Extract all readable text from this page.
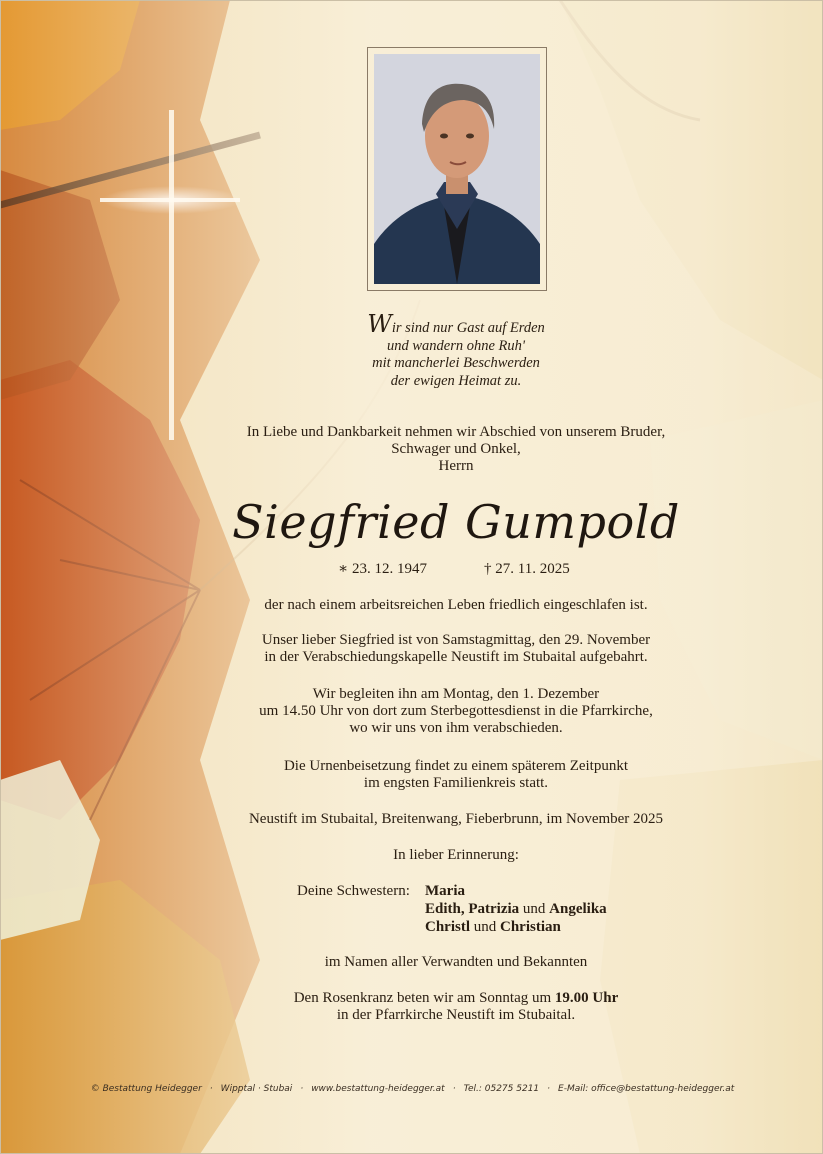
Wir sind nur Gast auf Erden
und wandern ohne Ruh'
mit mancherlei Beschwerden
der ewigen Heimat zu.
In Liebe und Dankbarkeit nehmen wir Abschied von unserem Bruder,
Schwager und Onkel,
Herrn
Siegfried Gumpold
∗ 23. 12. 1947	† 27. 11. 2025
der nach einem arbeitsreichen Leben friedlich eingeschlafen ist.
Unser lieber Siegfried ist von Samstagmittag, den 29. November
in der Verabschiedungskapelle Neustift im Stubaital aufgebahrt.
Wir begleiten ihn am Montag, den 1. Dezember
um 14.50 Uhr von dort zum Sterbegottesdienst in die Pfarrkirche,
wo wir uns von ihm verabschieden.
Die Urnenbeisetzung findet zu einem späterem Zeitpunkt
im engsten Familienkreis statt.
Neustift im Stubaital, Breitenwang, Fieberbrunn, im November 2025
In lieber Erinnerung:
Deine Schwestern: Maria
Edith, Patrizia und Angelika
Christl und Christian
im Namen aller Verwandten und Bekannten
Den Rosenkranz beten wir am Sonntag um 19.00 Uhr
in der Pfarrkirche Neustift im Stubaital.
© Bestattung Heidegger · Wipptal · Stubai · www.bestattung-heidegger.at · Tel.: 05275 5211 · E-Mail: office@bestattung-heidegger.at
